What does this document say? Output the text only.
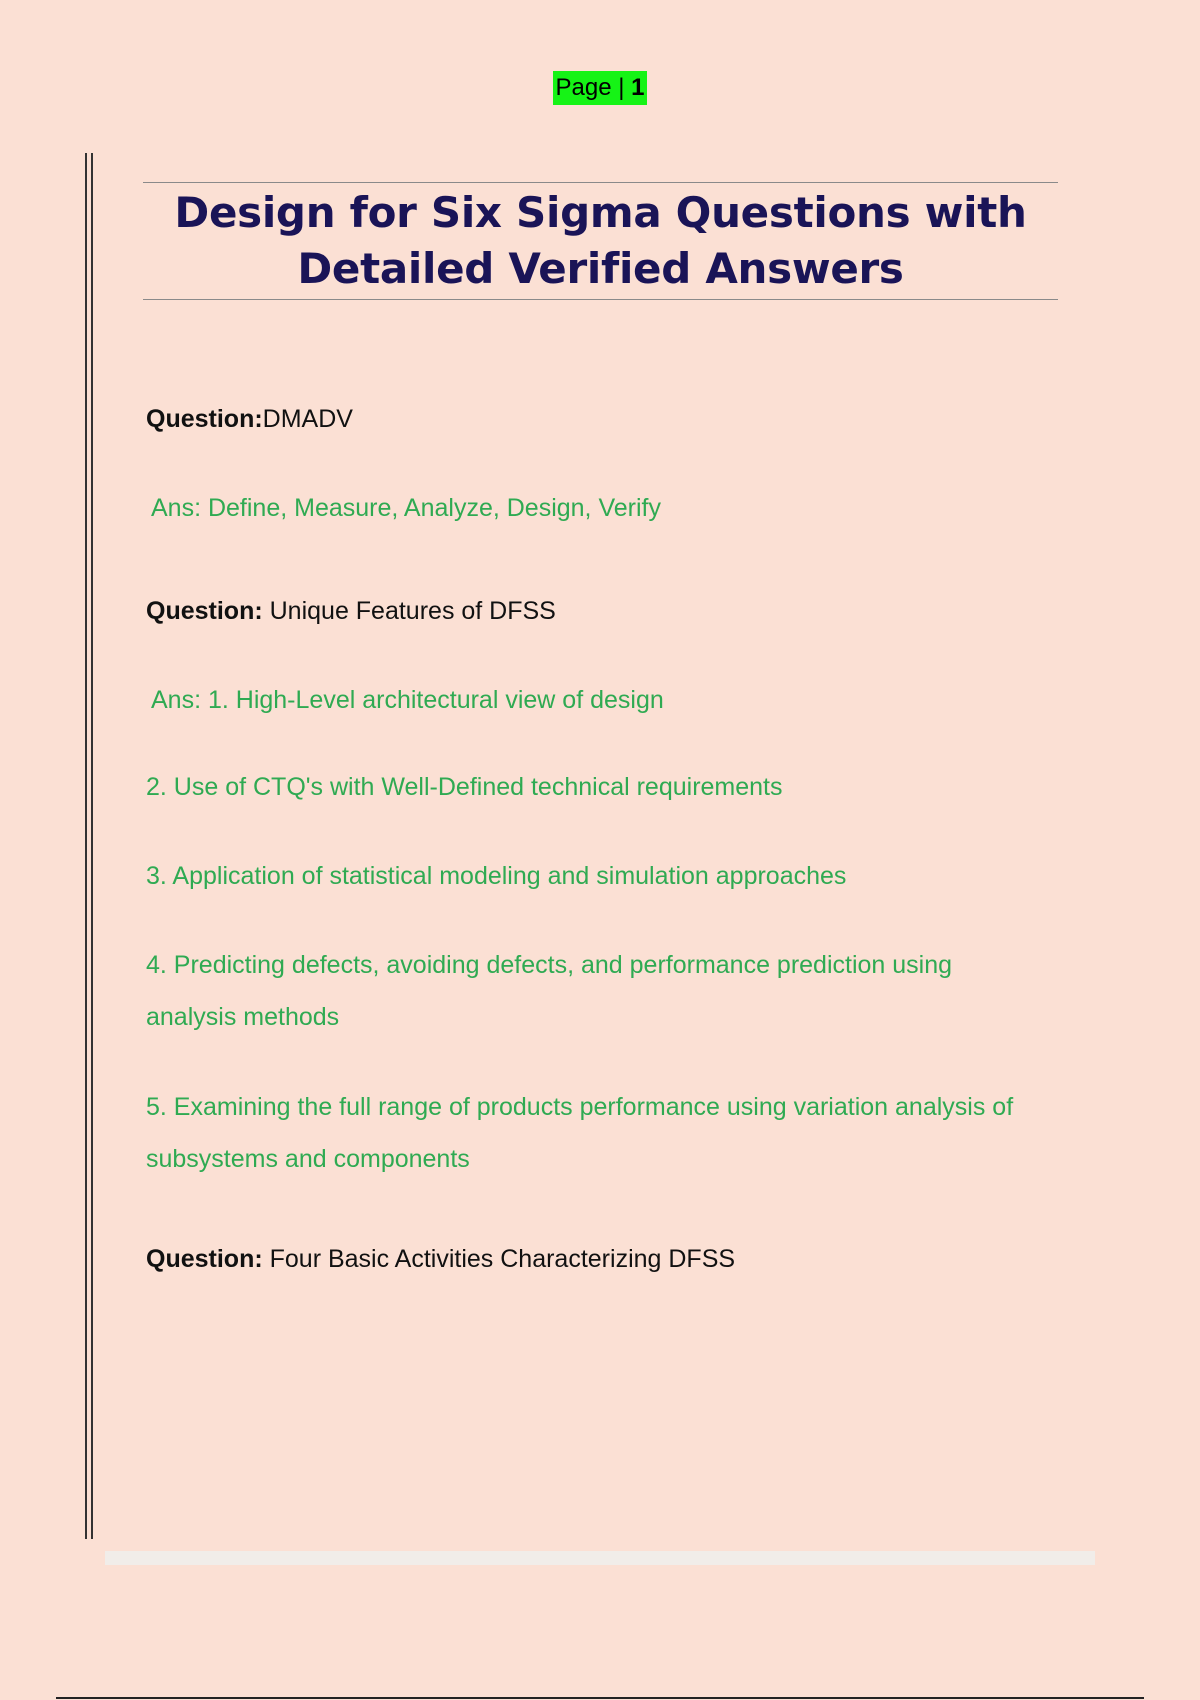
Page | 1
Design for Six Sigma Questions with
Detailed Verified Answers

Question:DMADV

Ans: Define, Measure, Analyze, Design, Verify

Question: Unique Features of DFSS

Ans: 1. High-Level architectural view of design

2. Use of CTQ's with Well-Defined technical requirements

3. Application of statistical modeling and simulation approaches

4. Predicting defects, avoiding defects, and performance prediction using analysis methods

5. Examining the full range of products performance using variation analysis of subsystems and components

Question: Four Basic Activities Characterizing DFSS
